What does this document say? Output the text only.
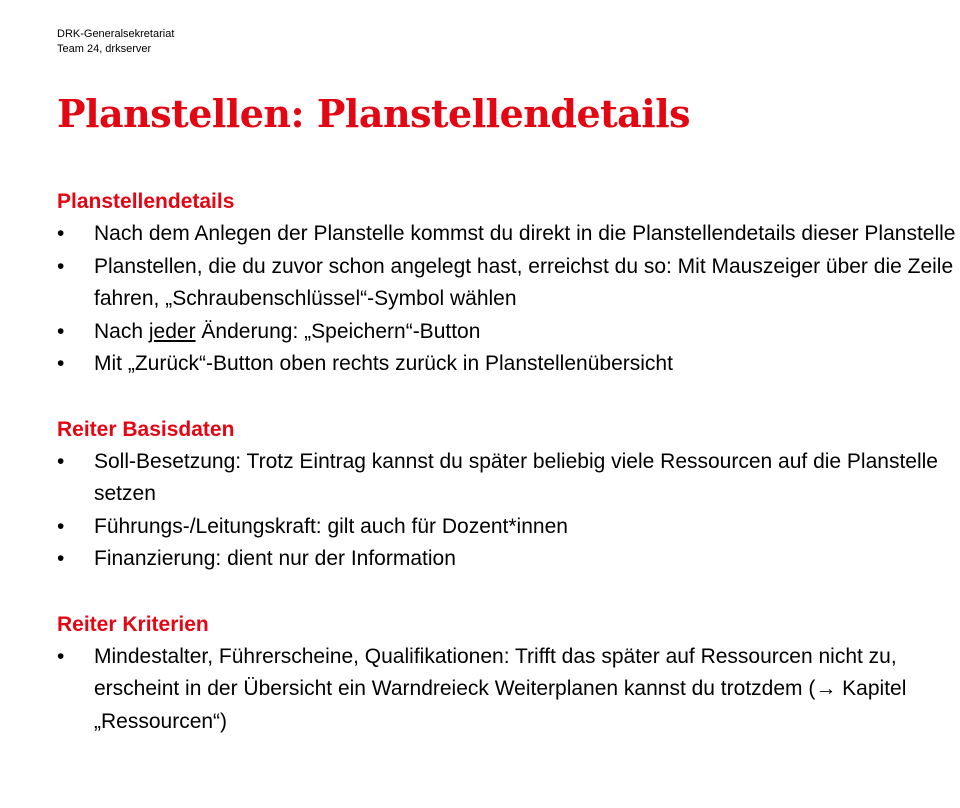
DRK-Generalsekretariat
Team 24, drkserver
Planstellen: Planstellendetails
Planstellendetails
•	Nach dem Anlegen der Planstelle kommst du direkt in die Planstellendetails dieser Planstelle
•	Planstellen, die du zuvor schon angelegt hast, erreichst du so: Mit Mauszeiger über die Zeile fahren, „Schraubenschlüssel“-Symbol wählen
•	Nach jeder Änderung: „Speichern“-Button
•	Mit „Zurück“-Button oben rechts zurück in Planstellenübersicht
Reiter Basisdaten
•	Soll-Besetzung: Trotz Eintrag kannst du später beliebig viele Ressourcen auf die Planstelle setzen
•	Führungs-/Leitungskraft: gilt auch für Dozent*innen
•	Finanzierung: dient nur der Information
Reiter Kriterien
•	Mindestalter, Führerscheine, Qualifikationen: Trifft das später auf Ressourcen nicht zu, erscheint in der Übersicht ein Warndreieck Weiterplanen kannst du trotzdem (→ Kapitel „Ressourcen“)
